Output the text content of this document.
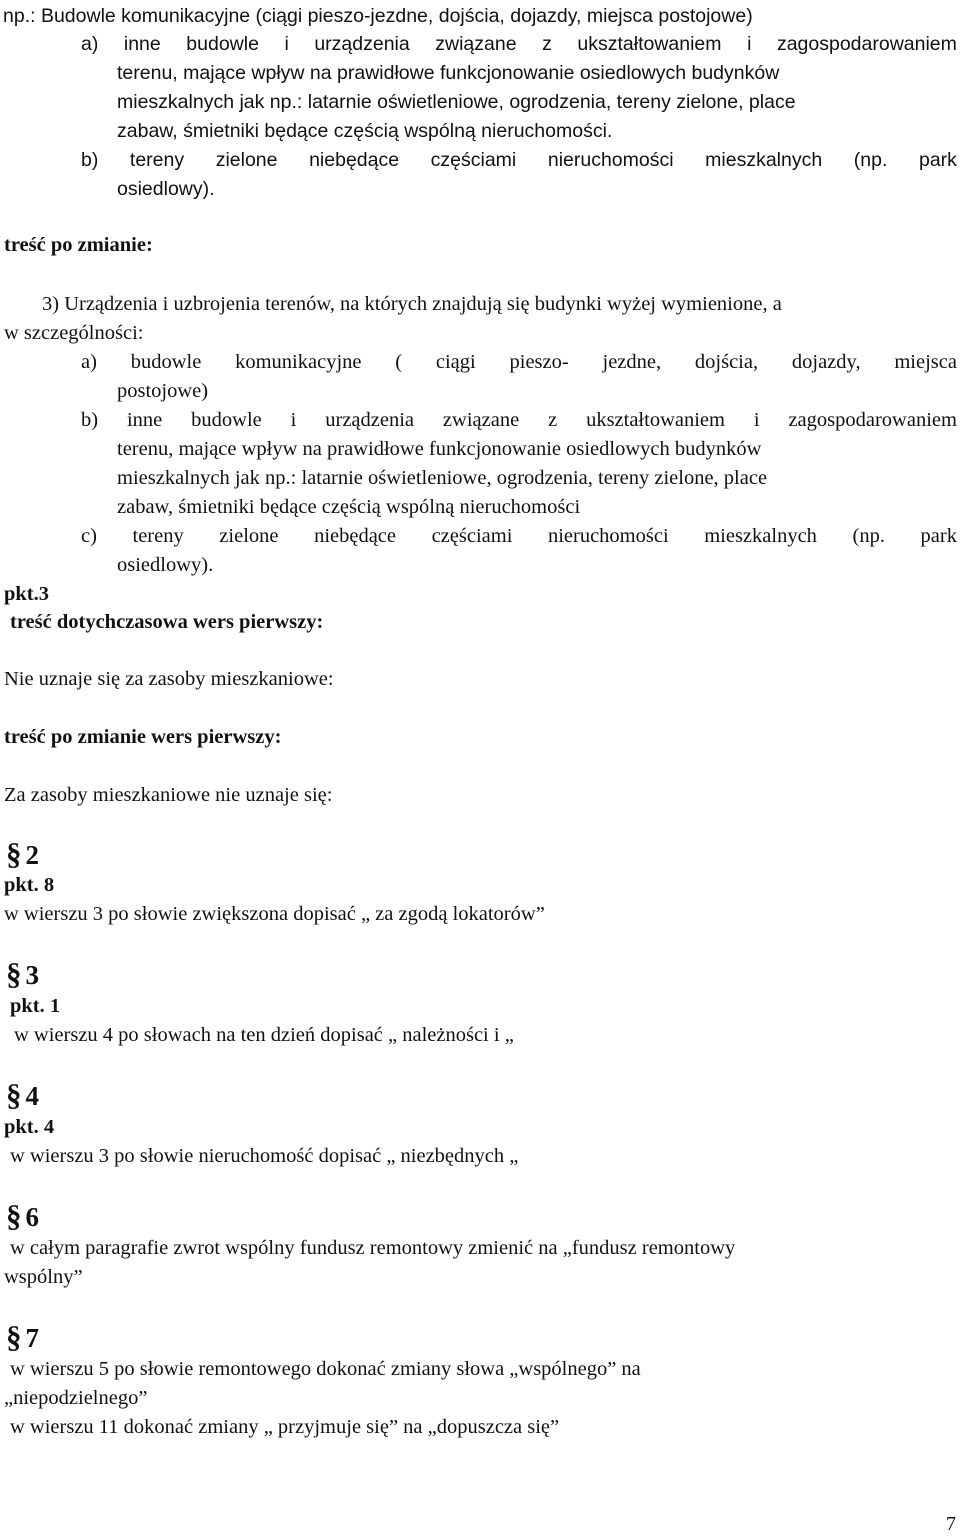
np.: Budowle komunikacyjne (ciągi pieszo-jezdne, dojścia, dojazdy, miejsca postojowe)
a) inne budowle i urządzenia związane z ukształtowaniem i zagospodarowaniem
terenu, mające wpływ na prawidłowe funkcjonowanie osiedlowych budynków
mieszkalnych jak np.: latarnie oświetleniowe, ogrodzenia, tereny zielone, place
zabaw, śmietniki będące częścią wspólną nieruchomości.
b) tereny zielone niebędące częściami nieruchomości mieszkalnych (np. park
osiedlowy).
treść po zmianie:
3) Urządzenia i uzbrojenia terenów, na których znajdują się budynki wyżej wymienione, a
w szczególności:
a) budowle komunikacyjne ( ciągi pieszo- jezdne, dojścia, dojazdy, miejsca
postojowe)
b) inne budowle i urządzenia związane z ukształtowaniem i zagospodarowaniem
terenu, mające wpływ na prawidłowe funkcjonowanie osiedlowych budynków
mieszkalnych jak np.: latarnie oświetleniowe, ogrodzenia, tereny zielone, place
zabaw, śmietniki będące częścią wspólną nieruchomości
c) tereny zielone niebędące częściami nieruchomości mieszkalnych (np. park
osiedlowy).
pkt.3
treść dotychczasowa wers pierwszy:
Nie uznaje się za zasoby mieszkaniowe:
treść po zmianie wers pierwszy:
Za zasoby mieszkaniowe nie uznaje się:
§ 2
pkt. 8
w wierszu 3 po słowie zwiększona dopisać „ za zgodą lokatorów”
§ 3
pkt. 1
w wierszu 4 po słowach na ten dzień dopisać „ należności i „
§ 4
pkt. 4
w wierszu 3 po słowie nieruchomość dopisać „ niezbędnych „
§ 6
w całym paragrafie zwrot wspólny fundusz remontowy zmienić na „fundusz remontowy
wspólny”
§ 7
w wierszu 5 po słowie remontowego dokonać zmiany słowa „wspólnego” na
„niepodzielnego”
w wierszu 11 dokonać zmiany „ przyjmuje się” na „dopuszcza się”
7
